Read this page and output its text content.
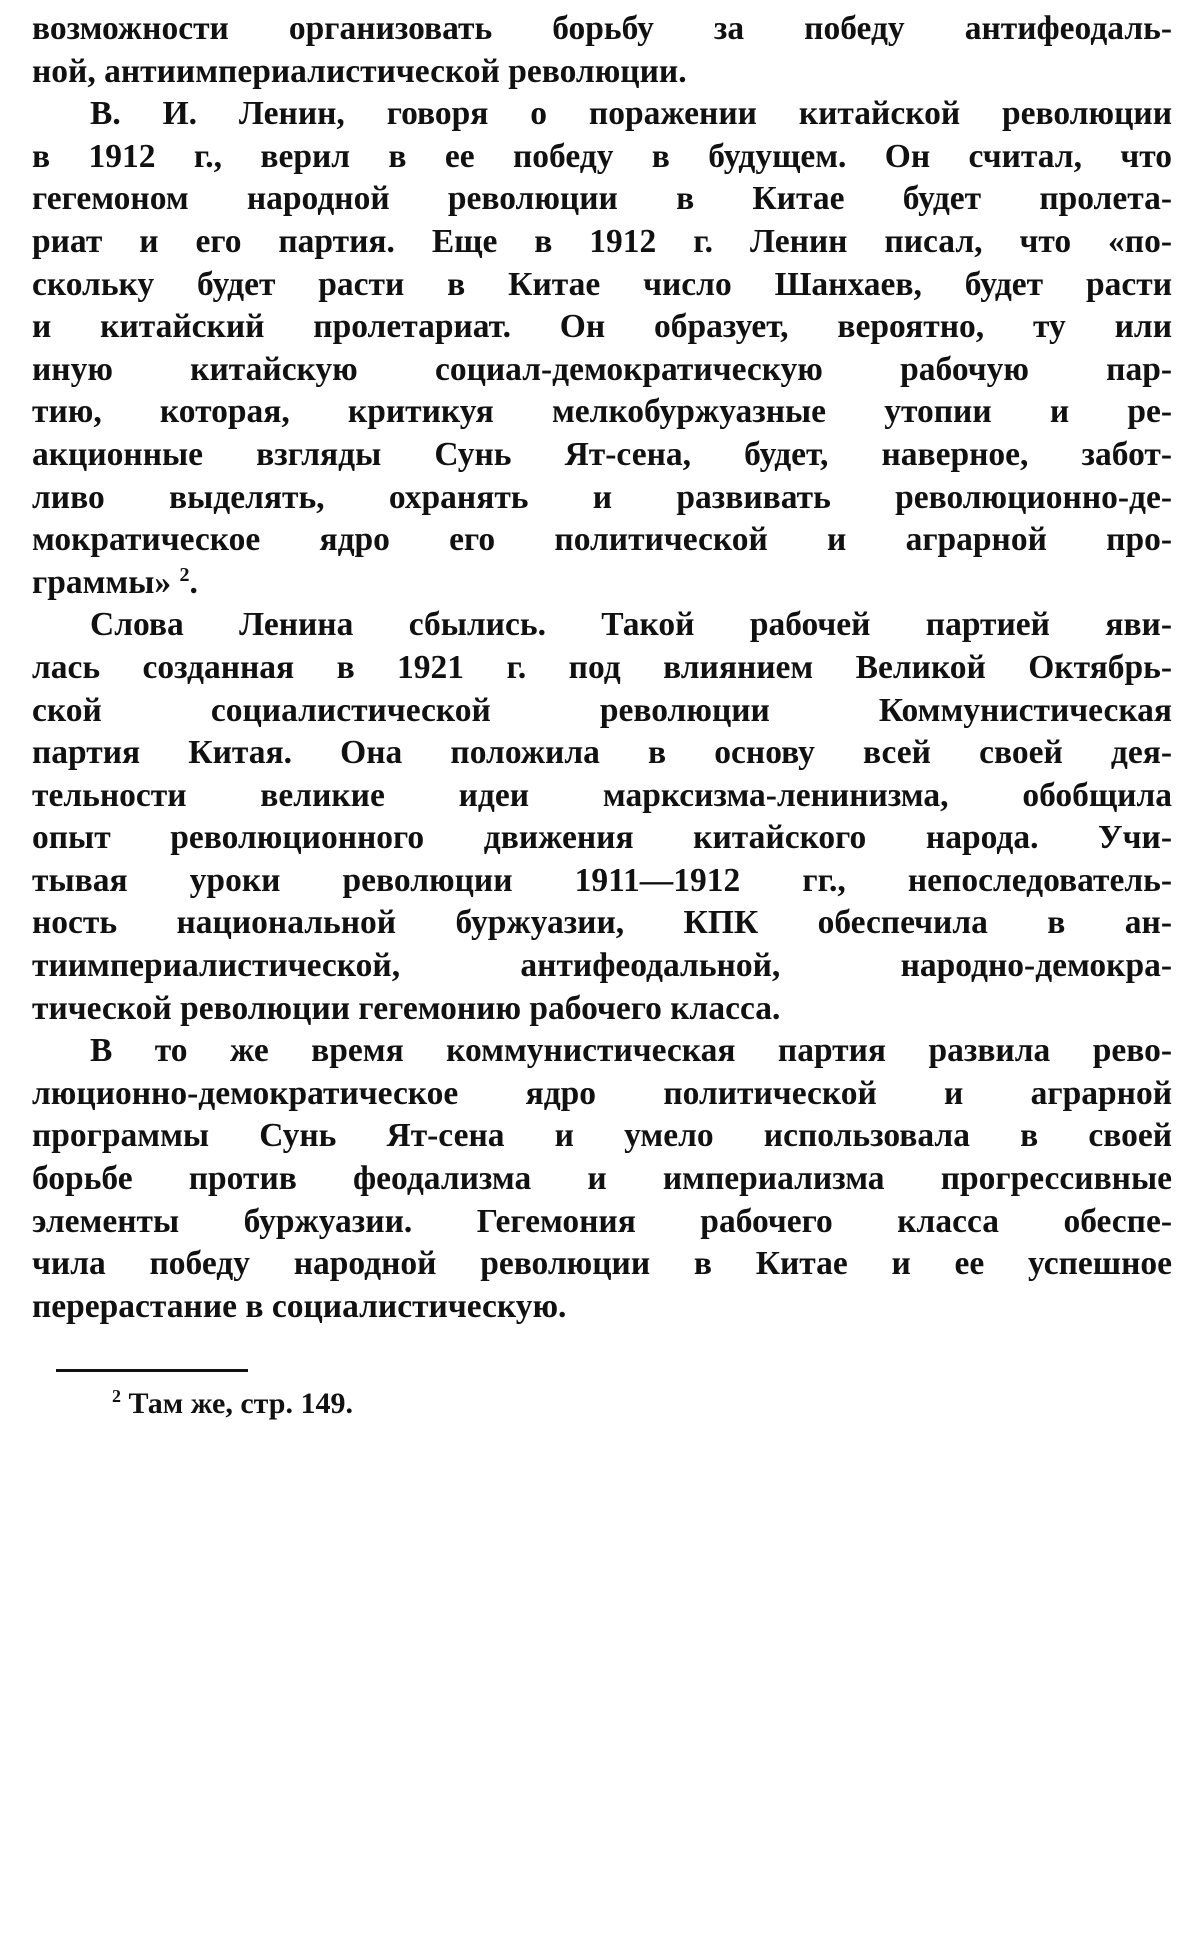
возможности организовать борьбу за победу антифеодаль-
ной, антиимпериалистической революции.
В. И. Ленин, говоря о поражении китайской революции
в 1912 г., верил в ее победу в будущем. Он считал, что
гегемоном народной революции в Китае будет пролета-
риат и его партия. Еще в 1912 г. Ленин писал, что «по-
скольку будет расти в Китае число Шанхаев, будет расти
и китайский пролетариат. Он образует, вероятно, ту или
иную китайскую социал-демократическую рабочую пар-
тию, которая, критикуя мелкобуржуазные утопии и ре-
акционные взгляды Сунь Ят-сена, будет, наверное, забот-
ливо выделять, охранять и развивать революционно-де-
мократическое ядро его политической и аграрной про-
граммы» $^2$.
Слова Ленина сбылись. Такой рабочей партией яви-
лась созданная в 1921 г. под влиянием Великой Октябрь-
ской социалистической революции Коммунистическая
партия Китая. Она положила в основу всей своей дея-
тельности великие идеи марксизма-ленинизма, обобщила
опыт революционного движения китайского народа. Учи-
тывая уроки революции 1911—1912 гг., непоследователь-
ность национальной буржуазии, КПК обеспечила в ан-
тиимпериалистической, антифеодальной, народно-демокра-
тической революции гегемонию рабочего класса.
В то же время коммунистическая партия развила рево-
люционно-демократическое ядро политической и аграрной
программы Сунь Ят-сена и умело использовала в своей
борьбе против феодализма и империализма прогрессивные
элементы буржуазии. Гегемония рабочего класса обеспе-
чила победу народной революции в Китае и ее успешное
перерастание в социалистическую.
$^2$ Там же, стр. 149.
